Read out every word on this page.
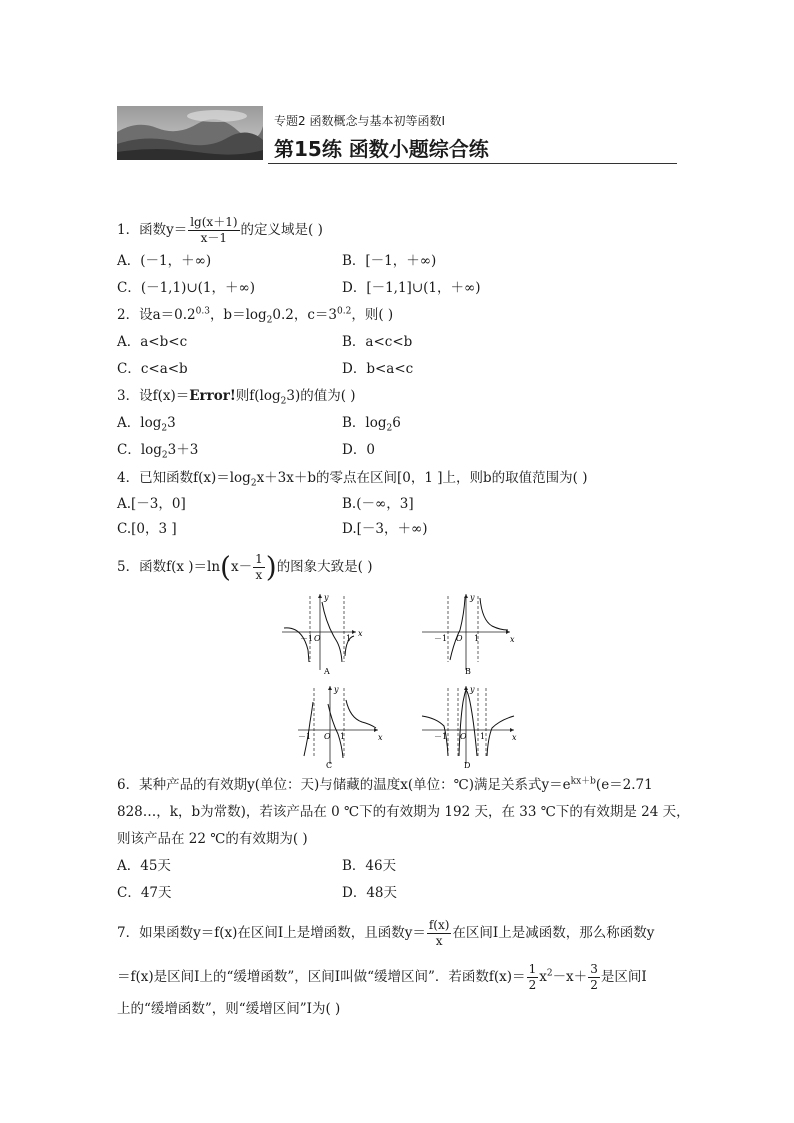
专题2 函数概念与基本初等函数Ⅰ
第15练 函数小题综合练
1．函数$y= \frac{\lg(x+1)}{x-1}$ 的定义域是( )
A．(－1，＋∞)	B．[－1，＋∞)
C．(－1,1)∪(1，＋∞)	D．[－1,1]∪(1，＋∞)
2．设$a=0.2^{0.3}$，$b=\log_20.2$，$c=3^{0.2}$，则( )
A．a<b<c	B．a<c<b
C．c<a<b	D．b<a<c
3．设f(x)＝Error!则$f(\log_23)$的值为( )
A．$\log_23$	B．$\log_26$
C．$\log_23+3$	D．0
4．已知函数$f(x)=\log_2x+3x+b$的零点在区间[0，1 ]上，则b的取值范围为( )
A.[－3，0]	B.(－∞，3]
C.[0，3 ]	D.[－3，＋∞)
5．函数f(x )$=\ln(x- \frac{1}{x}$ )的图象大致是( )
y
x
－1 O	1
A
y
x
－1 O 1
B
y
x
－1 O 1
C
y
x
－1 O 1
D
6．某种产品的有效期y(单位：天)与储藏的温度x(单位：℃)满足关系式$y=e^{kx+b}(e=2.71$
828…，k，b为常数)，若该产品在 0 ℃下的有效期为 192 天，在 33 ℃下的有效期是 24 天，
则该产品在 22 ℃的有效期为( )
A．45天	B．46天
C．47天	D．48天
7．如果函数y＝f(x)在区间I上是增函数，且函数$y= \frac{f(x)}{x}$ 在区间I上是减函数，那么称函数y
＝f(x)是区间I上的“缓增函数”，区间I叫做“缓增区间”．若函数$f(x)= \frac{1}{2} x^2-x+ \frac{3}{2}$ 是区间I
上的“缓增函数”，则“缓增区间”I为( )
